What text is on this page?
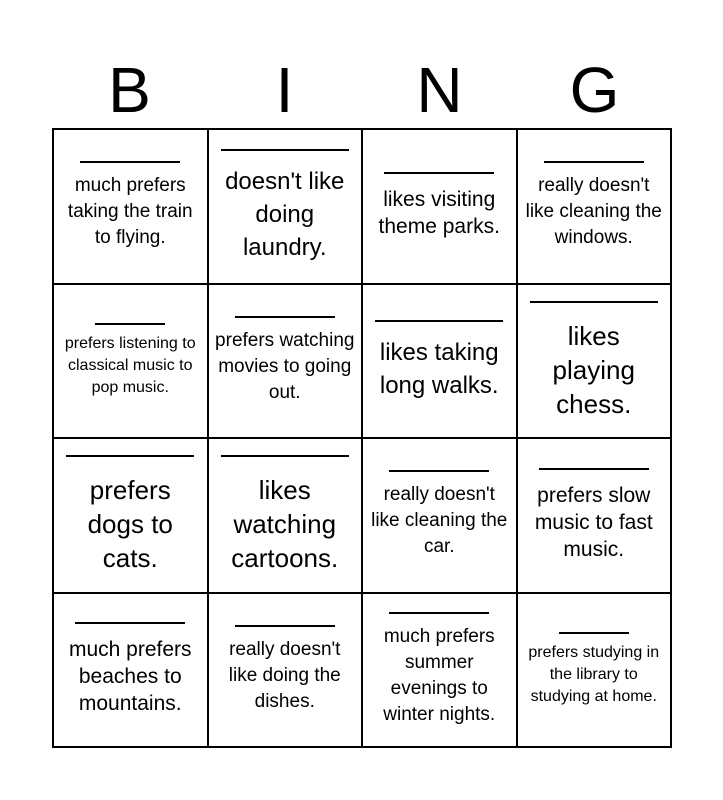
B	I	N	G
much prefers taking the train to flying.
doesn't like doing laundry.
likes visiting theme parks.
really doesn't like cleaning the windows.
prefers listening to classical music to pop music.
prefers watching movies to going out.
likes taking long walks.
likes playing chess.
prefers dogs to cats.
likes watching cartoons.
really doesn't like cleaning the car.
prefers slow music to fast music.
much prefers beaches to mountains.
really doesn't like doing the dishes.
much prefers summer evenings to winter nights.
prefers studying in the library to studying at home.
